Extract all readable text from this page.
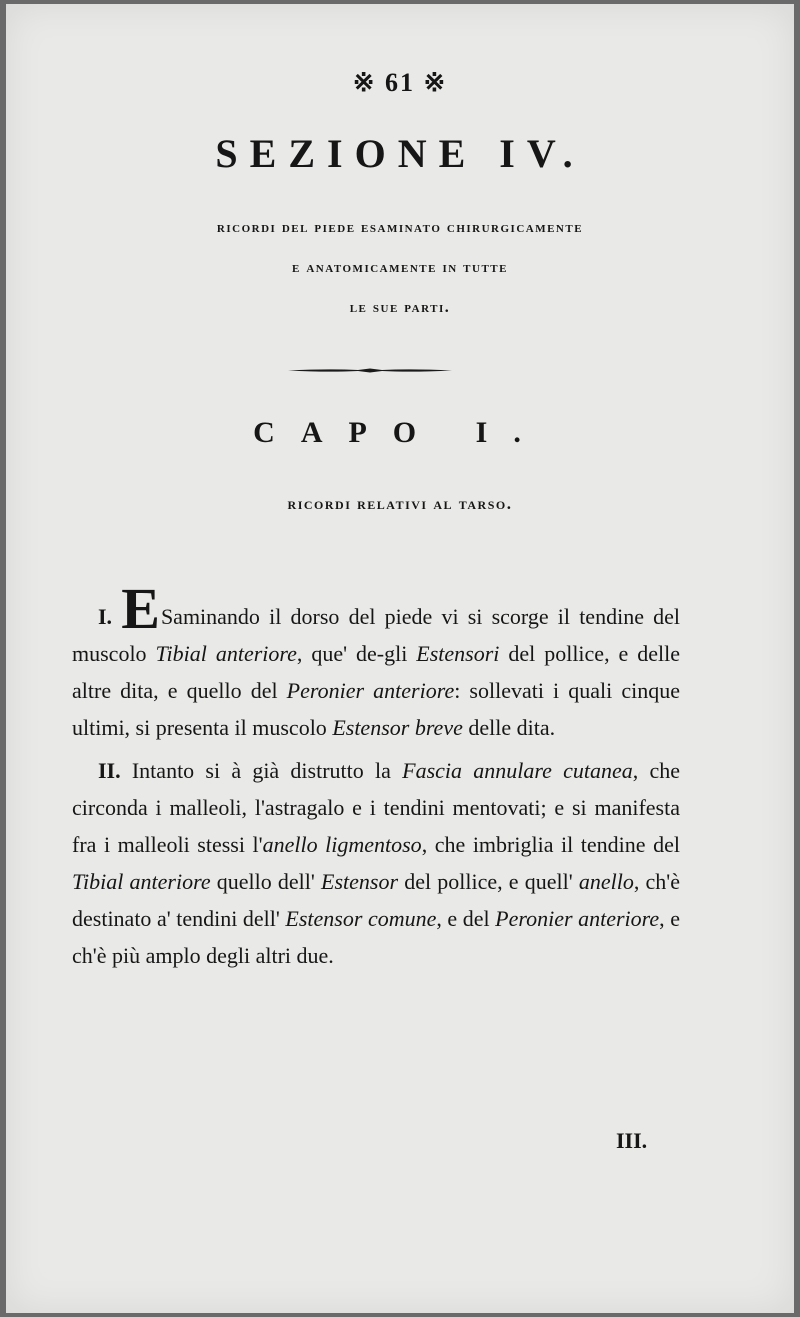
※ 61 ※
SEZIONE IV.
ricordi del piede esaminato chirurgicamente
e anatomicamente in tutte
le sue parti.
CAPO I.
ricordi relativi al tarso.

I. ESaminando il dorso del piede vi si scorge il tendine del muscolo Tibial anteriore, que' de-gli Estensori del pollice, e delle altre dita, e quello del Peronier anteriore: sollevati i quali cinque ultimi, si presenta il muscolo Estensor breve delle dita.

II. Intanto si à già distrutto la Fascia annulare cutanea, che circonda i malleoli, l'astragalo e i tendini mentovati; e si manifesta fra i malleoli stessi l'anello ligmentoso, che imbriglia il tendine del Tibial anteriore quello dell' Estensor del pollice, e quell' anello, ch'è destinato a' tendini dell' Estensor comune, e del Peronier anteriore, e ch'è più amplo degli altri due.

III.
